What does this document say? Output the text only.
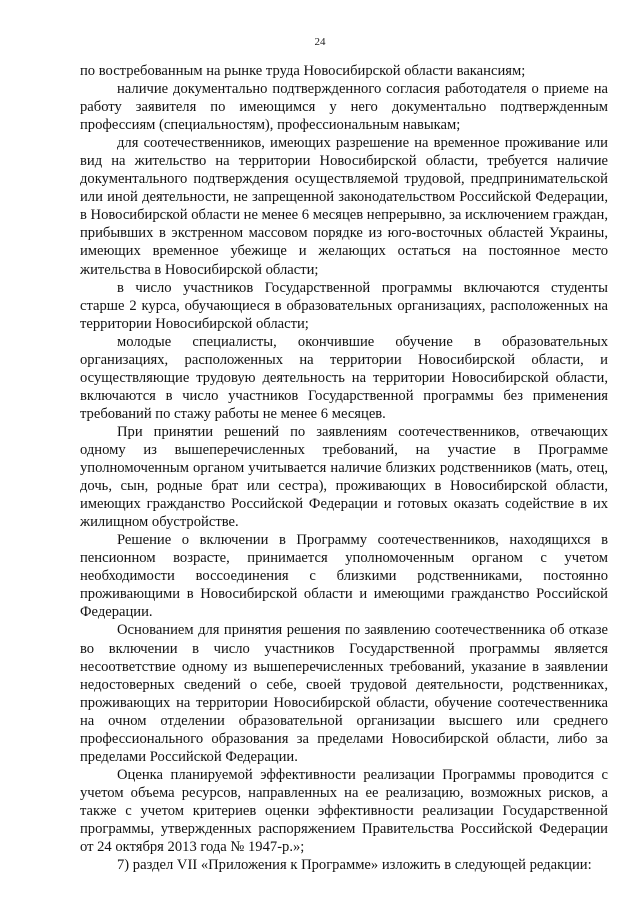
24

по востребованным на рынке труда Новосибирской области вакансиям;

наличие документально подтвержденного согласия работодателя о приеме на работу заявителя по имеющимся у него документально подтвержденным профессиям (специальностям), профессиональным навыкам;

для соотечественников, имеющих разрешение на временное проживание или вид на жительство на территории Новосибирской области, требуется наличие документального подтверждения осуществляемой трудовой, предпринимательской или иной деятельности, не запрещенной законодательством Российской Федерации, в Новосибирской области не менее 6 месяцев непрерывно, за исключением граждан, прибывших в экстренном массовом порядке из юго-восточных областей Украины, имеющих временное убежище и желающих остаться на постоянное место жительства в Новосибирской области;

в число участников Государственной программы включаются студенты старше 2 курса, обучающиеся в образовательных организациях, расположенных на территории Новосибирской области;

молодые специалисты, окончившие обучение в образовательных организациях, расположенных на территории Новосибирской области, и осуществляющие трудовую деятельность на территории Новосибирской области, включаются в число участников Государственной программы без применения требований по стажу работы не менее 6 месяцев.

При принятии решений по заявлениям соотечественников, отвечающих одному из вышеперечисленных требований, на участие в Программе уполномоченным органом учитывается наличие близких родственников (мать, отец, дочь, сын, родные брат или сестра), проживающих в Новосибирской области, имеющих гражданство Российской Федерации и готовых оказать содействие в их жилищном обустройстве.

Решение о включении в Программу соотечественников, находящихся в пенсионном возрасте, принимается уполномоченным органом с учетом необходимости воссоединения с близкими родственниками, постоянно проживающими в Новосибирской области и имеющими гражданство Российской Федерации.

Основанием для принятия решения по заявлению соотечественника об отказе во включении в число участников Государственной программы является несоответствие одному из вышеперечисленных требований, указание в заявлении недостоверных сведений о себе, своей трудовой деятельности, родственниках, проживающих на территории Новосибирской области, обучение соотечественника на очном отделении образовательной организации высшего или среднего профессионального образования за пределами Новосибирской области, либо за пределами Российской Федерации.

Оценка планируемой эффективности реализации Программы проводится с учетом объема ресурсов, направленных на ее реализацию, возможных рисков, а также с учетом критериев оценки эффективности реализации Государственной программы, утвержденных распоряжением Правительства Российской Федерации от 24 октября 2013 года № 1947-р.»;

7) раздел VII «Приложения к Программе» изложить в следующей редакции:
